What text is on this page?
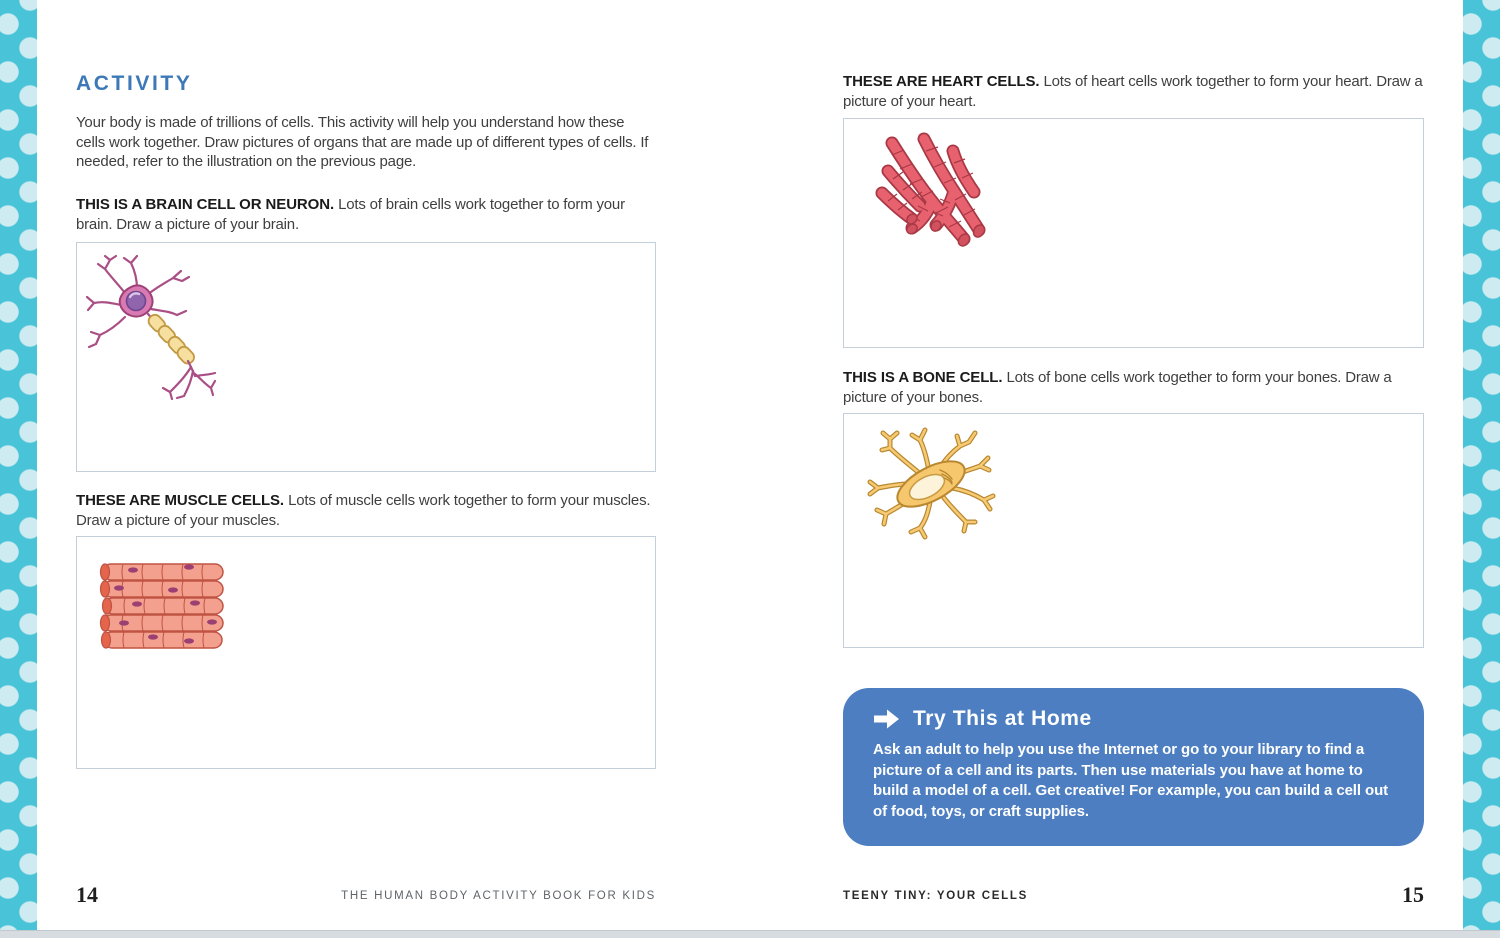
ACTIVITY

Your body is made of trillions of cells. This activity will help you understand how these cells work together. Draw pictures of organs that are made up of different types of cells. If needed, refer to the illustration on the previous page.

THIS IS A BRAIN CELL OR NEURON. Lots of brain cells work together to form your brain. Draw a picture of your brain.

THESE ARE MUSCLE CELLS. Lots of muscle cells work together to form your muscles. Draw a picture of your muscles.

14	THE HUMAN BODY ACTIVITY BOOK FOR KIDS

THESE ARE HEART CELLS. Lots of heart cells work together to form your heart. Draw a picture of your heart.

THIS IS A BONE CELL. Lots of bone cells work together to form your bones. Draw a picture of your bones.

Try This at Home

Ask an adult to help you use the Internet or go to your library to find a picture of a cell and its parts. Then use materials you have at home to build a model of a cell. Get creative! For example, you can build a cell out of food, toys, or craft supplies.

TEENY TINY: YOUR CELLS	15
